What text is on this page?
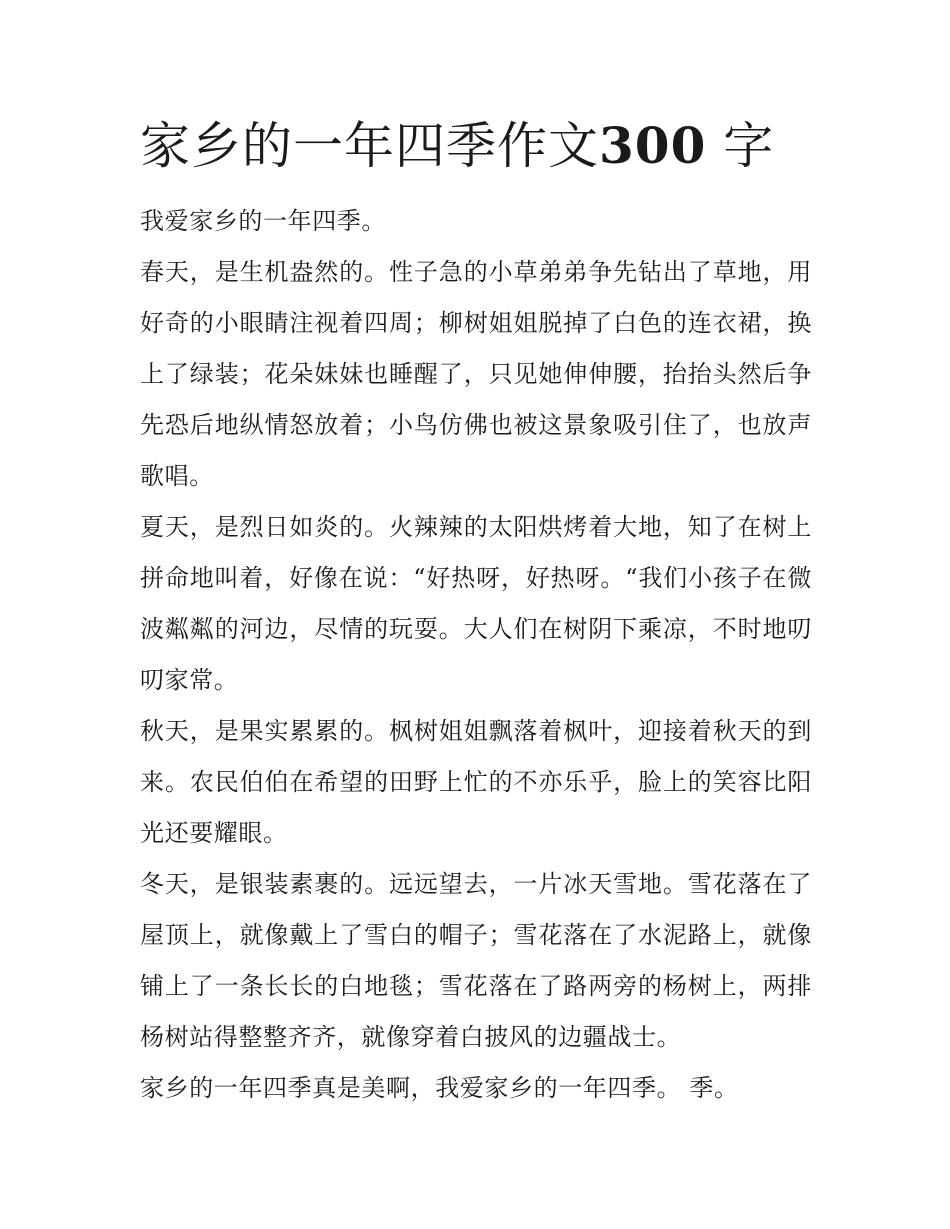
家乡的一年四季作文300 字

我爱家乡的一年四季。

春天，是生机盎然的。性子急的小草弟弟争先钻出了草地，用好奇的小眼睛注视着四周；柳树姐姐脱掉了白色的连衣裙，换上了绿装；花朵妹妹也睡醒了，只见她伸伸腰，抬抬头然后争先恐后地纵情怒放着；小鸟仿佛也被这景象吸引住了，也放声歌唱。

夏天，是烈日如炎的。火辣辣的太阳烘烤着大地，知了在树上拼命地叫着，好像在说：“好热呀，好热呀。“我们小孩子在微波粼粼的河边，尽情的玩耍。大人们在树阴下乘凉，不时地叨叨家常。

秋天，是果实累累的。枫树姐姐飘落着枫叶，迎接着秋天的到来。农民伯伯在希望的田野上忙的不亦乐乎，脸上的笑容比阳光还要耀眼。

冬天，是银装素裹的。远远望去，一片冰天雪地。雪花落在了屋顶上，就像戴上了雪白的帽子；雪花落在了水泥路上，就像铺上了一条长长的白地毯；雪花落在了路两旁的杨树上，两排杨树站得整整齐齐，就像穿着白披风的边疆战士。

家乡的一年四季真是美啊，我爱家乡的一年四季。 季。
